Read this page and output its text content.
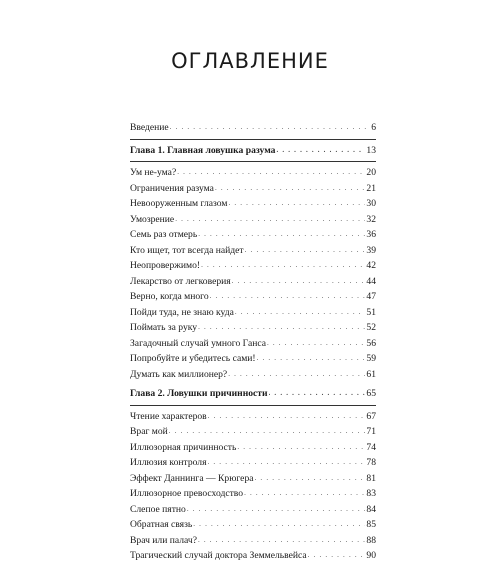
ОГЛАВЛЕНИЕ
Введение . . .	6
Глава 1. Главная ловушка разума . . .	13
Ум не-ума? . . .	20
Ограничения разума . . .	21
Невооруженным глазом . . .	30
Умозрение . . .	32
Семь раз отмерь . . .	36
Кто ищет, тот всегда найдет . . .	39
Неопровержимо! . . .	42
Лекарство от легковерия . . .	44
Верно, когда много . . .	47
Пойди туда, не знаю куда . . .	51
Поймать за руку . . .	52
Загадочный случай умного Ганса . . .	56
Попробуйте и убедитесь сами! . . .	59
Думать как миллионер? . . .	61
Глава 2. Ловушки причинности . . .	65
Чтение характеров . . .	67
Враг мой . . .	71
Иллюзорная причинность . . .	74
Иллюзия контроля . . .	78
Эффект Даннинга — Крюгера . . .	81
Иллюзорное превосходство . . .	83
Слепое пятно . . .	84
Обратная связь . . .	85
Врач или палач? . . .	88
Трагический случай доктора Земмельвейса . . .	90
